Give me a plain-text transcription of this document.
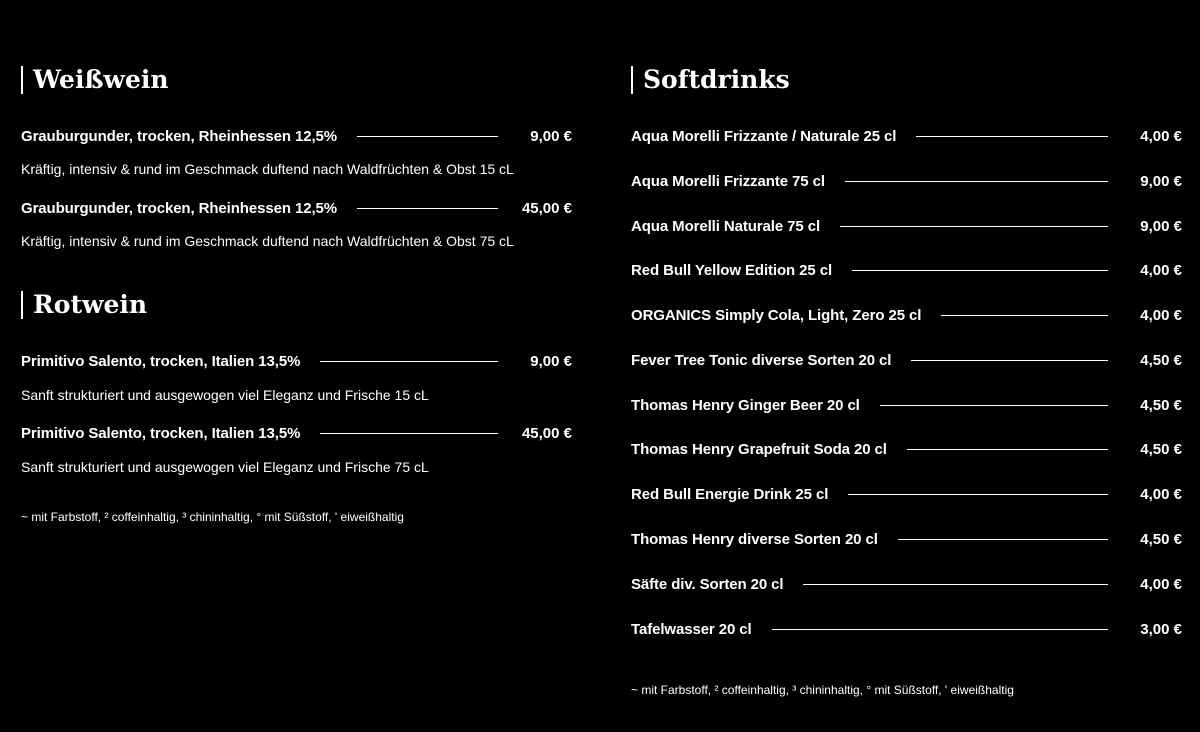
Weißwein
Grauburgunder, trocken, Rheinhessen 12,5%	9,00 €
Kräftig, intensiv & rund im Geschmack duftend nach Waldfrüchten & Obst 15 cL
Grauburgunder, trocken, Rheinhessen 12,5%	45,00 €
Kräftig, intensiv & rund im Geschmack duftend nach Waldfrüchten & Obst 75 cL
Rotwein
Primitivo Salento, trocken, Italien 13,5%	9,00 €
Sanft strukturiert und ausgewogen viel Eleganz und Frische 15 cL
Primitivo Salento, trocken, Italien 13,5%	45,00 €
Sanft strukturiert und ausgewogen viel Eleganz und Frische 75 cL
~ mit Farbstoff, ² coffeinhaltig, ³ chininhaltig, ° mit Süßstoff, ' eiweißhaltig
Softdrinks
Aqua Morelli Frizzante / Naturale 25 cl	4,00 €
Aqua Morelli Frizzante 75 cl	9,00 €
Aqua Morelli Naturale 75 cl	9,00 €
Red Bull Yellow Edition 25 cl	4,00 €
ORGANICS Simply Cola, Light, Zero 25 cl	4,00 €
Fever Tree Tonic diverse Sorten 20 cl	4,50 €
Thomas Henry Ginger Beer 20 cl	4,50 €
Thomas Henry Grapefruit Soda 20 cl	4,50 €
Red Bull Energie Drink 25 cl	4,00 €
Thomas Henry diverse Sorten 20 cl	4,50 €
Säfte div. Sorten 20 cl	4,00 €
Tafelwasser 20 cl	3,00 €
~ mit Farbstoff, ² coffeinhaltig, ³ chininhaltig, ° mit Süßstoff, ' eiweißhaltig
